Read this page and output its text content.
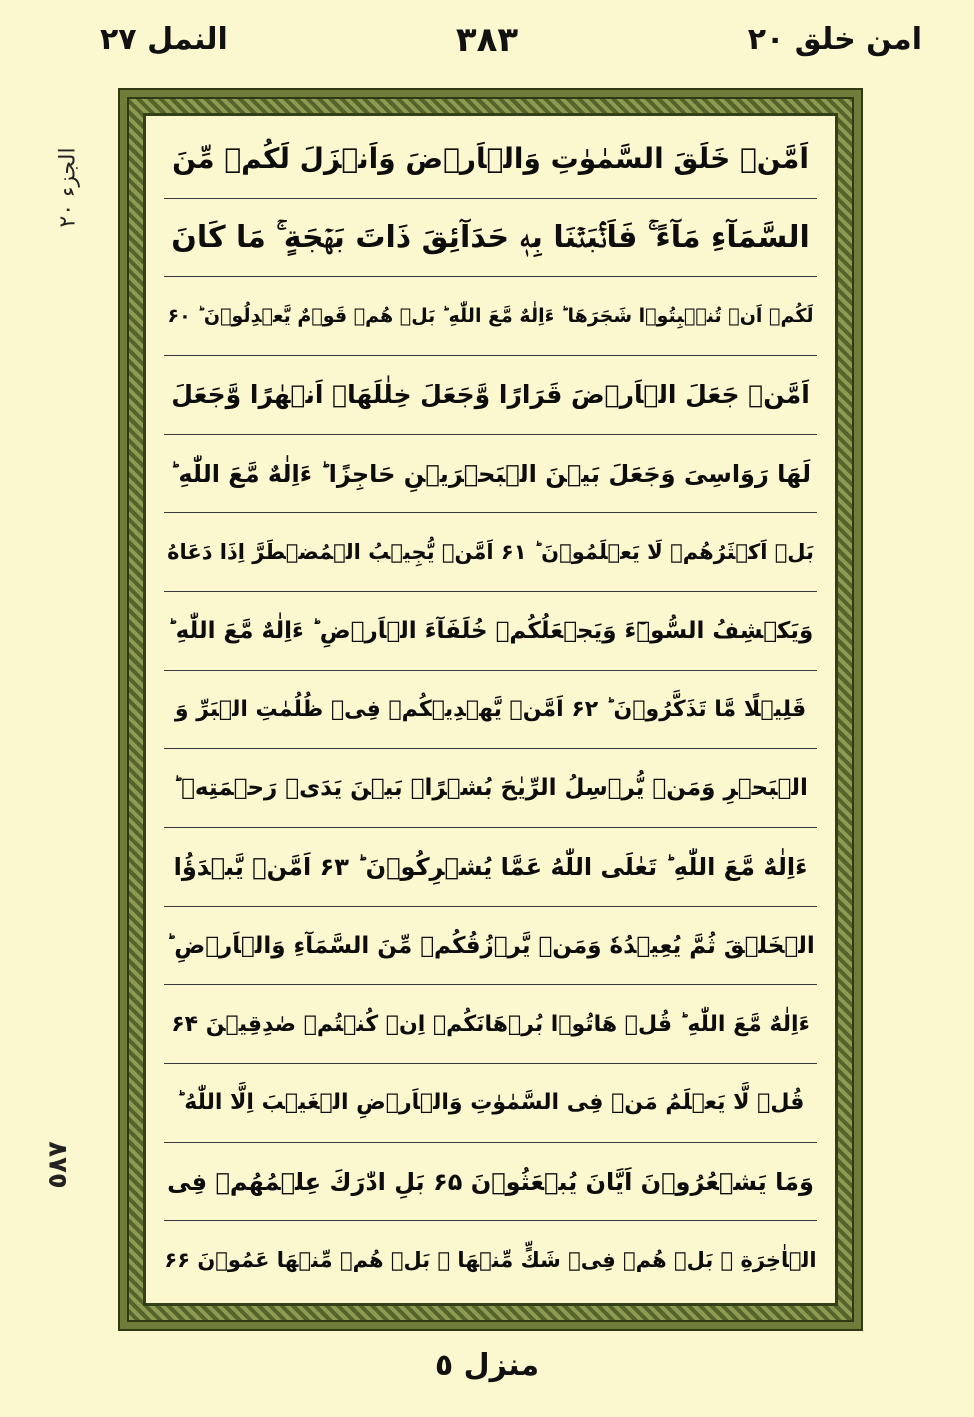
امن خلق ٢٠
٣٨٣
النمل ٢٧
الجزء ٢٠
٥٨٧
اَمَّنۡ خَلَقَ السَّمٰوٰتِ وَالۡاَرۡضَ وَاَنۡزَلَ لَكُمۡ مِّنَ
السَّمَآءِ مَآءً ۚ فَاَنۡۢبَتۡنَا بِهٖ حَدَآئِقَ ذَاتَ بَهۡجَةٍ ۚ مَا كَانَ
لَكُمۡ اَنۡ تُنۡۢبِتُوۡا شَجَرَهَا ؕ ءَاِلٰهٌ مَّعَ اللّٰهِ ؕ بَلۡ هُمۡ قَوۡمٌ يَّعۡدِلُوۡنَ ؕ ۶۰
اَمَّنۡ جَعَلَ الۡاَرۡضَ قَرَارًا وَّجَعَلَ خِلٰلَهَاۤ اَنۡهٰرًا وَّجَعَلَ
لَهَا رَوَاسِىَ وَجَعَلَ بَيۡنَ الۡبَحۡرَيۡنِ حَاجِزًا ؕ ءَاِلٰهٌ مَّعَ اللّٰهِ ؕ
بَلۡ اَكۡثَرُهُمۡ لَا يَعۡلَمُوۡنَ ؕ ۶۱ اَمَّنۡ يُّجِيۡبُ الۡمُضۡطَرَّ اِذَا دَعَاهُ
وَيَكۡشِفُ السُّوۡٓءَ وَيَجۡعَلُكُمۡ خُلَفَآءَ الۡاَرۡضِ ؕ ءَاِلٰهٌ مَّعَ اللّٰهِ ؕ
قَلِيۡلًا مَّا تَذَكَّرُوۡنَ ؕ ۶۲ اَمَّنۡ يَّهۡدِيۡكُمۡ فِىۡ ظُلُمٰتِ الۡبَرِّ وَ
الۡبَحۡرِ وَمَنۡ يُّرۡسِلُ الرِّيٰحَ بُشۡرًاۢ بَيۡنَ يَدَىۡ رَحۡمَتِهٖ ؕ
ءَاِلٰهٌ مَّعَ اللّٰهِ ؕ تَعٰلَى اللّٰهُ عَمَّا يُشۡرِكُوۡنَ ؕ ۶۳ اَمَّنۡ يَّبۡدَؤُا
الۡخَلۡقَ ثُمَّ يُعِيۡدُهٗ وَمَنۡ يَّرۡزُقُكُمۡ مِّنَ السَّمَآءِ وَالۡاَرۡضِ ؕ
ءَاِلٰهٌ مَّعَ اللّٰهِ ؕ قُلۡ هَاتُوۡا بُرۡهَانَكُمۡ اِنۡ كُنۡتُمۡ صٰدِقِيۡنَ ۶۴
قُلۡ لَّا يَعۡلَمُ مَنۡ فِى السَّمٰوٰتِ وَالۡاَرۡضِ الۡغَيۡبَ اِلَّا اللّٰهُ ؕ
وَمَا يَشۡعُرُوۡنَ اَيَّانَ يُبۡعَثُوۡنَ ۶۵ بَلِ ادّٰرَكَ عِلۡمُهُمۡ فِى
الۡاٰخِرَةِ ۚ بَلۡ هُمۡ فِىۡ شَكٍّ مِّنۡهَا ۚ بَلۡ هُمۡ مِّنۡهَا عَمُوۡنَ ۶۶
منزل ٥
